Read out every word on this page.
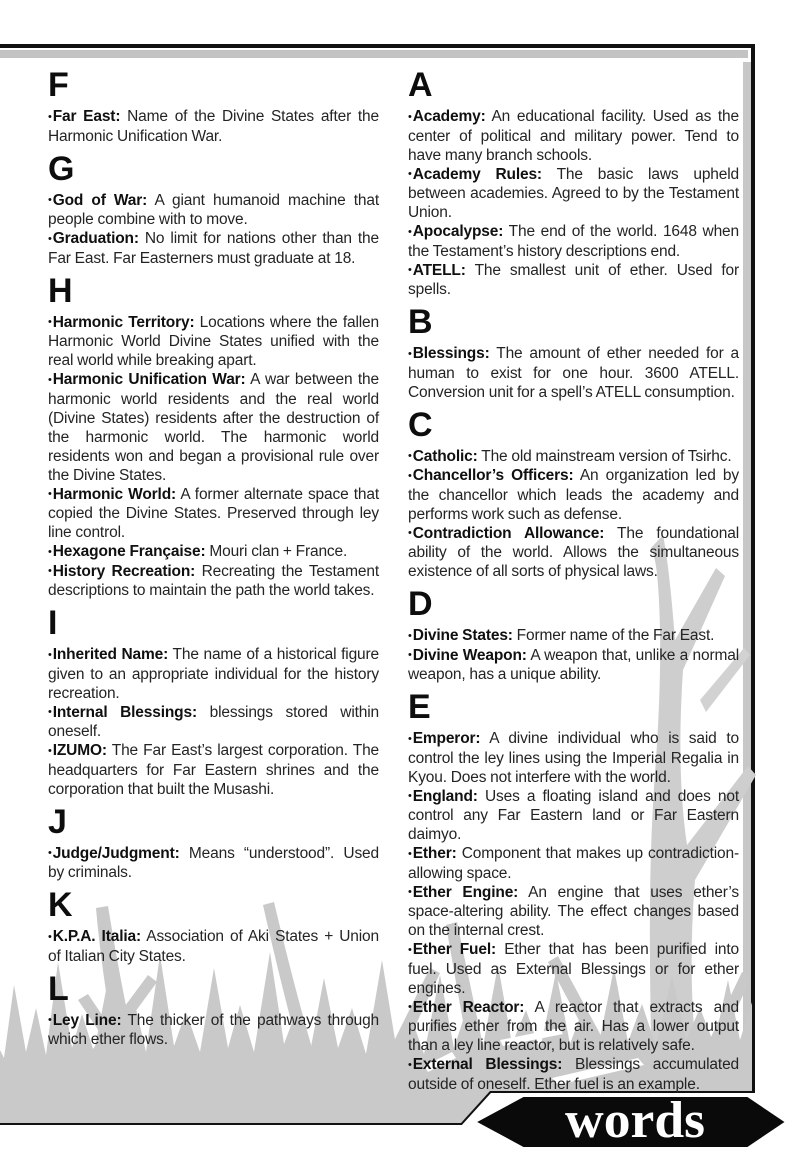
F

•Far East: Name of the Divine States after the Harmonic Unification War.

G

•God of War: A giant humanoid machine that people combine with to move.

•Graduation: No limit for nations other than the Far East. Far Easterners must graduate at 18.

H

•Harmonic Territory: Locations where the fallen Harmonic World Divine States unified with the real world while breaking apart.

•Harmonic Unification War: A war between the harmonic world residents and the real world (Divine States) residents after the destruction of the harmonic world. The harmonic world residents won and began a provisional rule over the Divine States.

•Harmonic World: A former alternate space that copied the Divine States. Preserved through ley line control.

•Hexagone Française: Mouri clan + France.

•History Recreation: Recreating the Testament descriptions to maintain the path the world takes.

I

•Inherited Name: The name of a historical figure given to an appropriate individual for the history recreation.

•Internal Blessings: blessings stored within oneself.

•IZUMO: The Far East’s largest corporation. The headquarters for Far Eastern shrines and the corporation that built the Musashi.

J

•Judge/Judgment: Means “understood”. Used by criminals.

K

•K.P.A. Italia: Association of Aki States + Union of Italian City States.

L

•Ley Line: The thicker of the pathways through which ether flows.

A

•Academy: An educational facility. Used as the center of political and military power. Tend to have many branch schools.

•Academy Rules: The basic laws upheld between academies. Agreed to by the Testament Union.

•Apocalypse: The end of the world. 1648 when the Testament’s history descriptions end.

•ATELL: The smallest unit of ether. Used for spells.

B

•Blessings: The amount of ether needed for a human to exist for one hour. 3600 ATELL. Conversion unit for a spell’s ATELL consumption.

C

•Catholic: The old mainstream version of Tsirhc.

•Chancellor’s Officers: An organization led by the chancellor which leads the academy and performs work such as defense.

•Contradiction Allowance: The foundational ability of the world. Allows the simultaneous existence of all sorts of physical laws.

D

•Divine States: Former name of the Far East.

•Divine Weapon: A weapon that, unlike a normal weapon, has a unique ability.

E

•Emperor: A divine individual who is said to control the ley lines using the Imperial Regalia in Kyou. Does not interfere with the world.

•England: Uses a floating island and does not control any Far Eastern land or Far Eastern daimyo.

•Ether: Component that makes up contradiction-allowing space.

•Ether Engine: An engine that uses ether’s space-altering ability. The effect changes based on the internal crest.

•Ether Fuel: Ether that has been purified into fuel. Used as External Blessings or for ether engines.

•Ether Reactor: A reactor that extracts and purifies ether from the air. Has a lower output than a ley line reactor, but is relatively safe.

•External Blessings: Blessings accumulated outside of oneself. Ether fuel is an example.

words
